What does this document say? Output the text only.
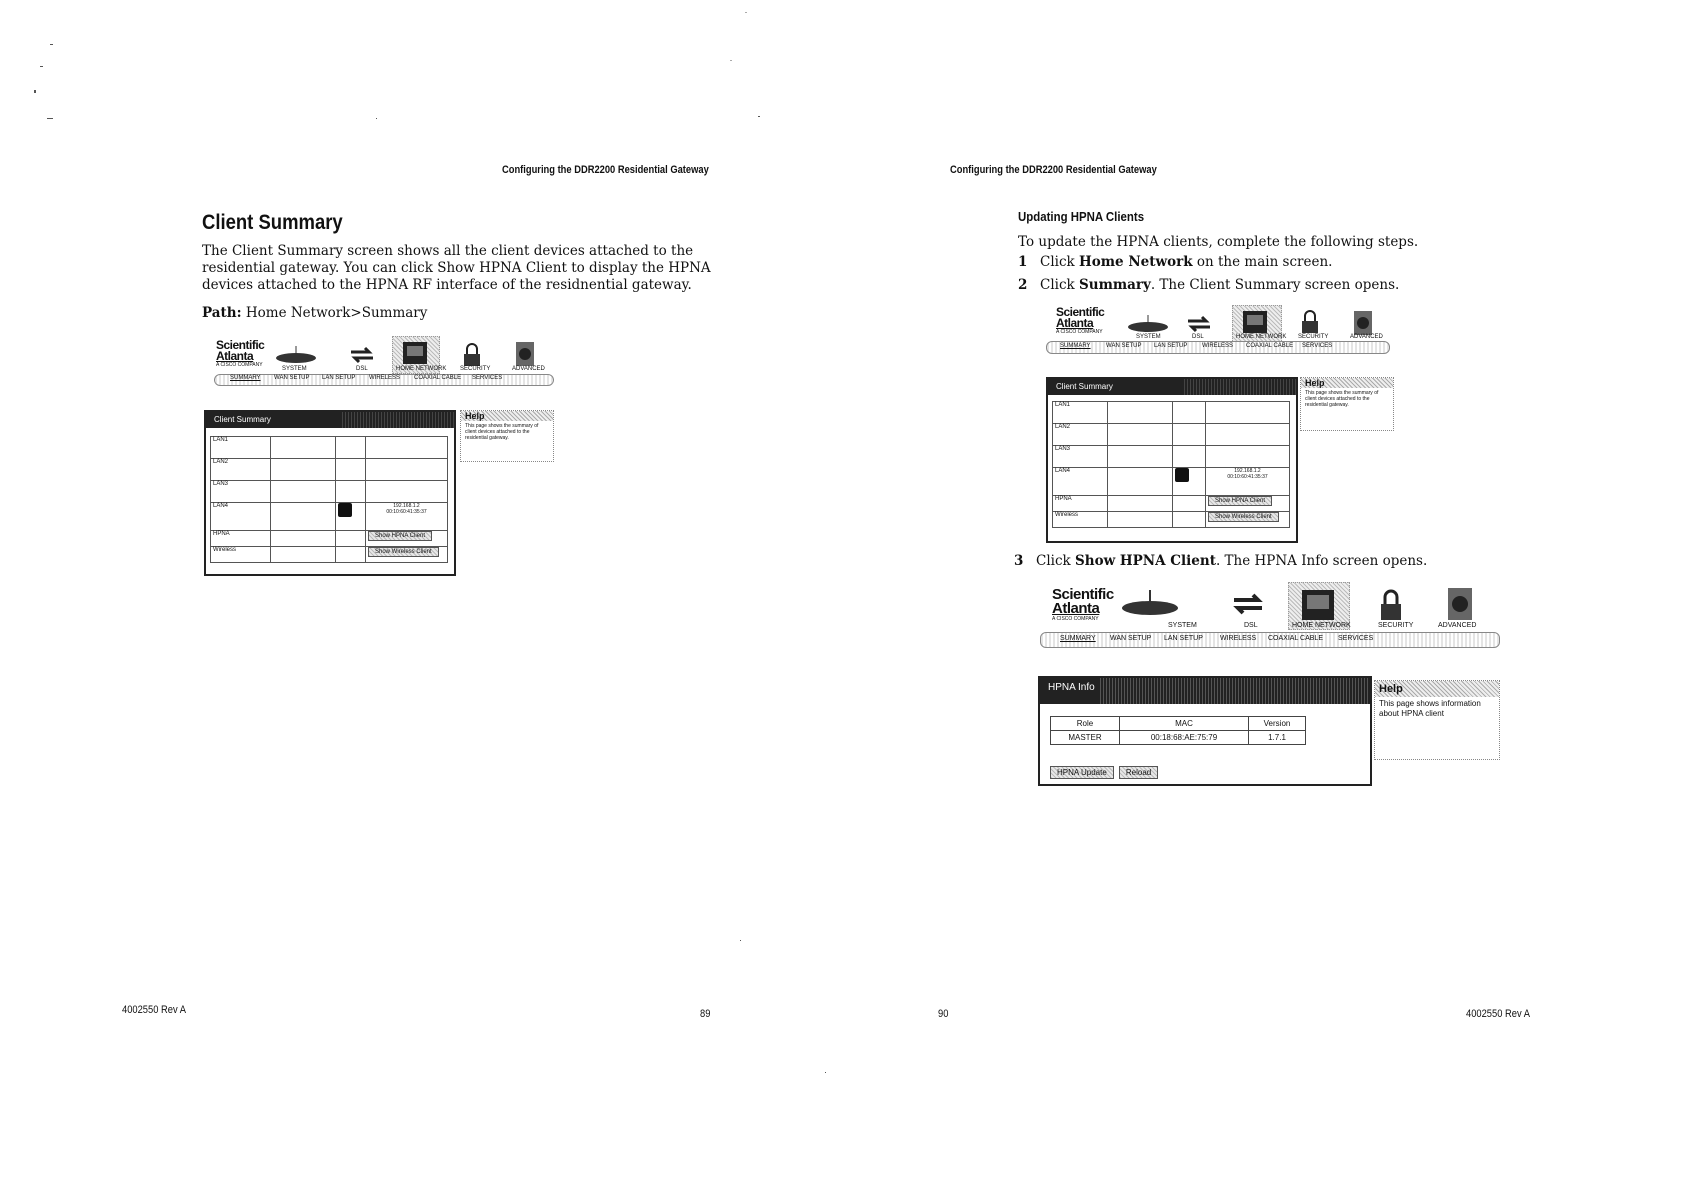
Configuring the DDR2200 Residential Gateway
Client Summary
The Client Summary screen shows all the client devices attached to the residential gateway. You can click Show HPNA Client to display the HPNA devices attached to the HPNA RF interface of the residnential gateway.
Path: Home Network>Summary
Scientific
Atlanta
A CISCO COMPANY
SYSTEM	DSL	HOME NETWORK SECURITY	ADVANCED
SUMMARY WAN SETUP LAN SETUP WIRELESS COAXIAL CABLE SERVICES
Client Summary
LAN1			
LAN2			
LAN3			
LAN4			192.168.1.2
00:10:60:41:35:37

HPNA			Show HPNA Client
Wireless			Show Wireless Client
Help
This page shows the summary of client devices attached to the residential gateway.
4002550 Rev A	89
Configuring the DDR2200 Residential Gateway
Updating HPNA Clients
To update the HPNA clients, complete the following steps.
1 Click Home Network on the main screen.
2 Click Summary. The Client Summary screen opens.
Scientific
Atlanta
A CISCO COMPANY
SYSTEM	DSL	HOME NETWORK SECURITY	ADVANCED
SUMMARY	WAN SETUP LAN SETUP WIRELESS COAXIAL CABLE SERVICES
Client Summary
LAN1			
LAN2			
LAN3			
LAN4			192.168.1.2
00:10:60:41:35:37

HPNA			Show HPNA Client
Wireless			Show Wireless Client
Help
This page shows the summary of client devices attached to the residential gateway.
3 Click Show HPNA Client. The HPNA Info screen opens.
Scientific
Atlanta
A CISCO COMPANY
SYSTEM	DSL	HOME NETWORK	SECURITY	ADVANCED
SUMMARY WAN SETUP LAN SETUP WIRELESS COAXIAL CABLE SERVICES
HPNA Info
Role	MAC	Version
MASTER	00:18:68:AE:75:79	1.7.1
HPNA Update Reload
Help
This page shows information about HPNA client
90	4002550 Rev A
